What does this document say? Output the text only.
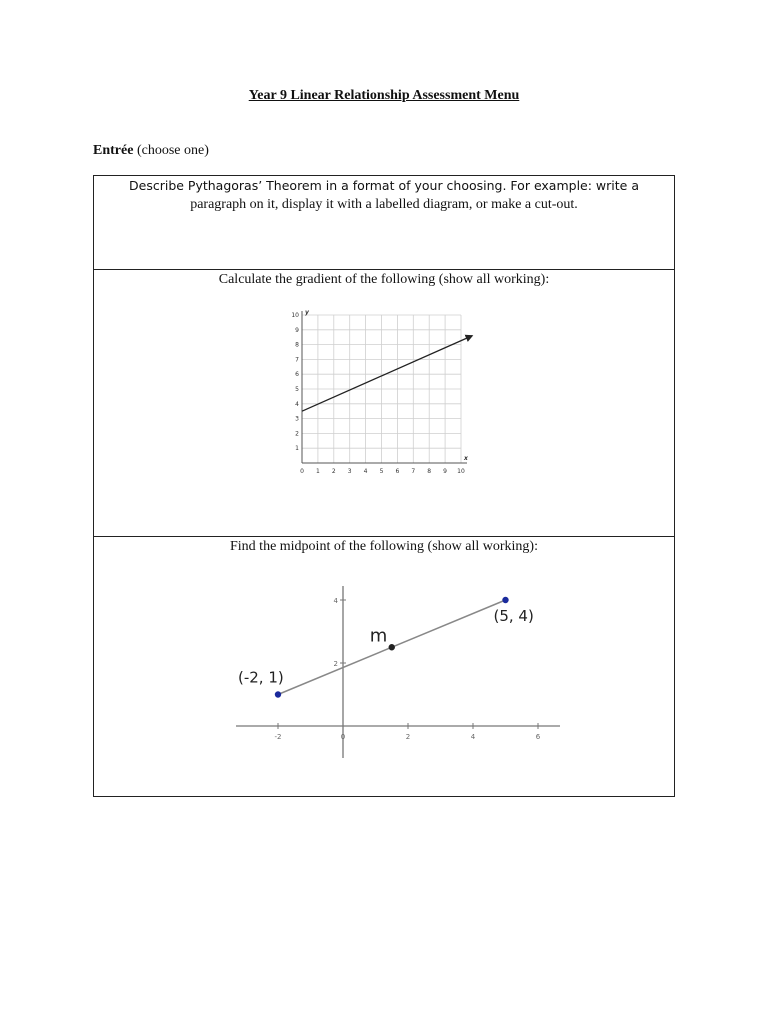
Year 9 Linear Relationship Assessment Menu
Entrée (choose one)
Describe Pythagoras’ Theorem in a format of your choosing. For example: write a
paragraph on it, display it with a labelled diagram, or make a cut-out.
Calculate the gradient of the following (show all working):
Find the midpoint of the following (show all working):
0 1 2 3 4 5 6 7 8 9 10
1
2
3
4
5
6
7
8
9
10
x
y
-2	0	2	4	6
2
4
(-2, 1)
m
(5, 4)
